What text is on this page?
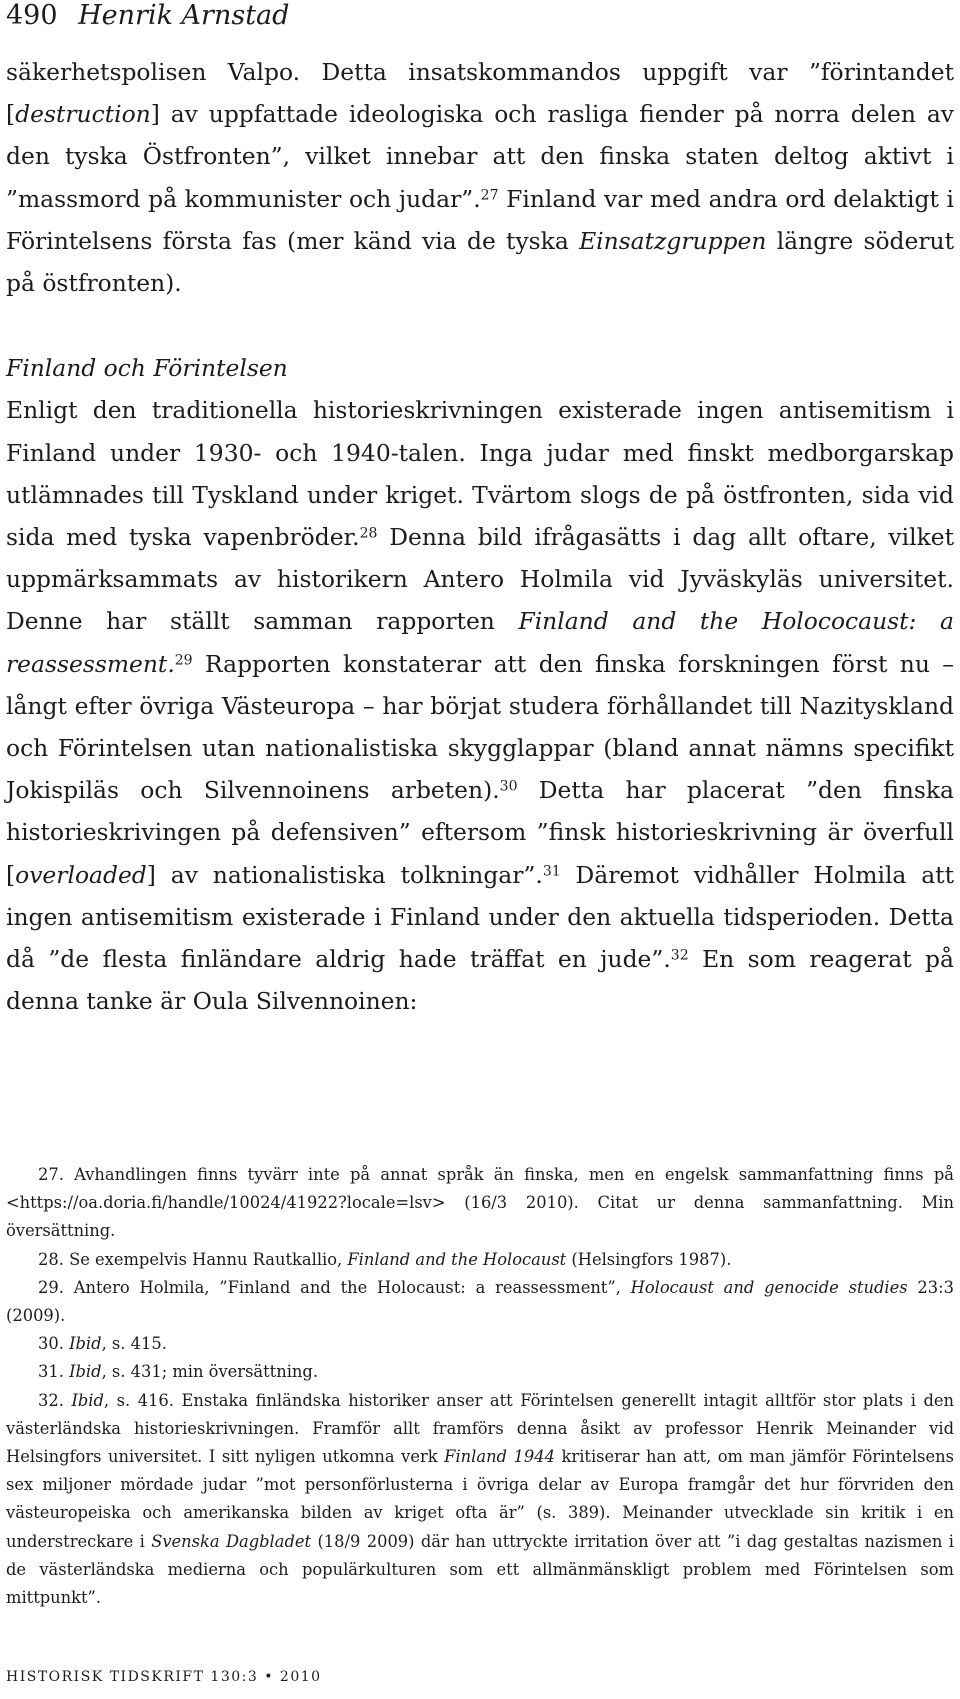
490 Henrik Arnstad

säkerhetspolisen Valpo. Detta insatskommandos uppgift var ”förintandet [destruction] av uppfattade ideologiska och rasliga fiender på norra delen av den tyska Östfronten”, vilket innebar att den finska staten deltog aktivt i ”massmord på kommunister och judar”.$^{27}$ Finland var med andra ord delaktigt i Förintelsens första fas (mer känd via de tyska Einsatzgruppen längre söderut på östfronten).

Finland och Förintelsen

Enligt den traditionella historieskrivningen existerade ingen antisemitism i Finland under 1930- och 1940-talen. Inga judar med finskt medborgarskap utlämnades till Tyskland under kriget. Tvärtom slogs de på östfronten, sida vid sida med tyska vapenbröder.$^{28}$ Denna bild ifrågasätts i dag allt oftare, vilket uppmärksammats av historikern Antero Holmila vid Jyväskyläs universitet. Denne har ställt samman rapporten Finland and the Holococaust: a reassessment.$^{29}$ Rapporten konstaterar att den finska forskningen först nu – långt efter övriga Västeuropa – har börjat studera förhållandet till Nazityskland och Förintelsen utan nationalistiska skygglappar (bland annat nämns specifikt Jokispiläs och Silvennoinens arbeten).$^{30}$ Detta har placerat ”den finska historieskrivingen på defensiven” eftersom ”finsk historieskrivning är överfull [overloaded] av nationalistiska tolkningar”.$^{31}$ Däremot vidhåller Holmila att ingen antisemitism existerade i Finland under den aktuella tidsperioden. Detta då ”de flesta finländare aldrig hade träffat en jude”.$^{32}$ En som reagerat på denna tanke är Oula Silvennoinen:

27. Avhandlingen finns tyvärr inte på annat språk än finska, men en engelsk sammanfattning finns på <https://oa.doria.fi/handle/10024/41922?locale=lsv> (16/3 2010). Citat ur denna sammanfattning. Min översättning.

28. Se exempelvis Hannu Rautkallio, Finland and the Holocaust (Helsingfors 1987).

29. Antero Holmila, ”Finland and the Holocaust: a reassessment”, Holocaust and genocide studies 23:3 (2009).

30. Ibid, s. 415.

31. Ibid, s. 431; min översättning.

32. Ibid, s. 416. Enstaka finländska historiker anser att Förintelsen generellt intagit alltför stor plats i den västerländska historieskrivningen. Framför allt framförs denna åsikt av professor Henrik Meinander vid Helsingfors universitet. I sitt nyligen utkomna verk Finland 1944 kritiserar han att, om man jämför Förintelsens sex miljoner mördade judar ”mot personförlusterna i övriga delar av Europa framgår det hur förvriden den västeuropeiska och amerikanska bilden av kriget ofta är” (s. 389). Meinander utvecklade sin kritik i en understreckare i Svenska Dagbladet (18/9 2009) där han uttryckte irritation över att ”i dag gestaltas nazismen i de västerländska medierna och populärkulturen som ett allmänmänskligt problem med Förintelsen som mittpunkt”.

HISTORISK TIDSKRIFT 130:3 • 2010
